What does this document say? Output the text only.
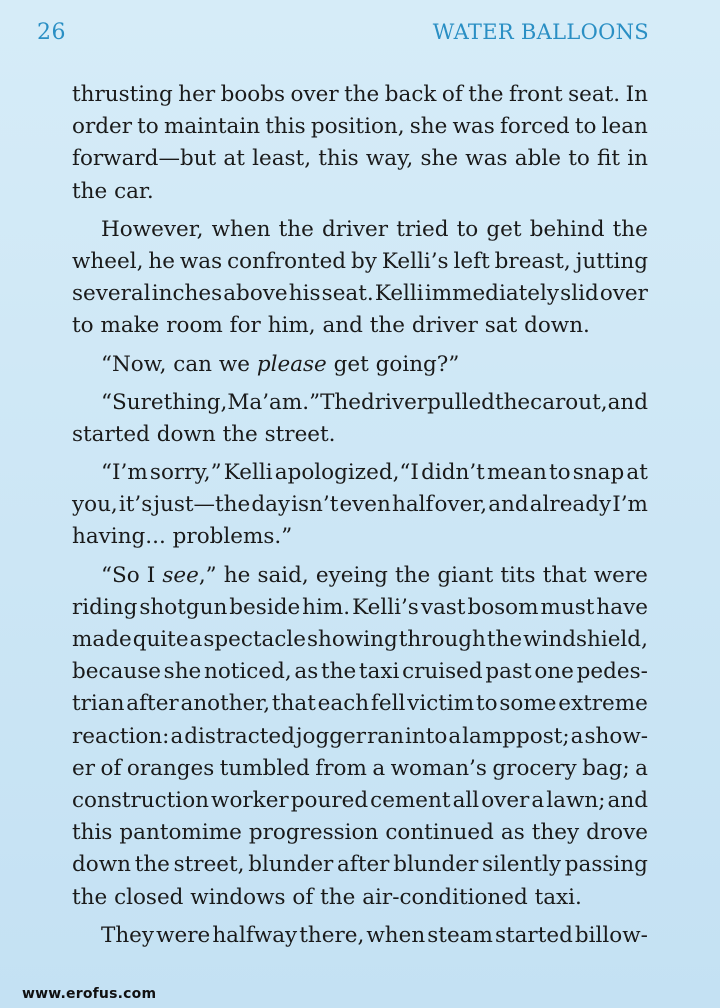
26	WATER BALLOONS
thrusting her boobs over the back of the front seat. In
order to maintain this position, she was forced to lean
forward—but at least, this way, she was able to fit in
the car.
However, when the driver tried to get behind the
wheel, he was confronted by Kelli’s left breast, jutting
several inches above his seat. Kelli immediately slid over
to make room for him, and the driver sat down.
“Now, can we please get going?”
“Sure thing, Ma’am.”The driver pulled the car out, and
started down the street.
“I’m sorry,” Kelli apologized,“I didn’t mean to snap at
you, it’s just—the day isn’t even half over, and already I’m
having... problems.”
“So I see,” he said, eyeing the giant tits that were
riding shotgun beside him. Kelli’s vast bosom must have
made quite a spectacle showing through the windshield,
because she noticed, as the taxi cruised past one pedes-
trian after another, that each fell victim to some extreme
reaction: a distracted jogger ran into a lamppost; a show-
er of oranges tumbled from a woman’s grocery bag; a
construction worker poured cement all over a lawn; and
this pantomime progression continued as they drove
down the street, blunder after blunder silently passing
the closed windows of the air-conditioned taxi.
They were halfway there, when steam started billow-
www.erofus.com
